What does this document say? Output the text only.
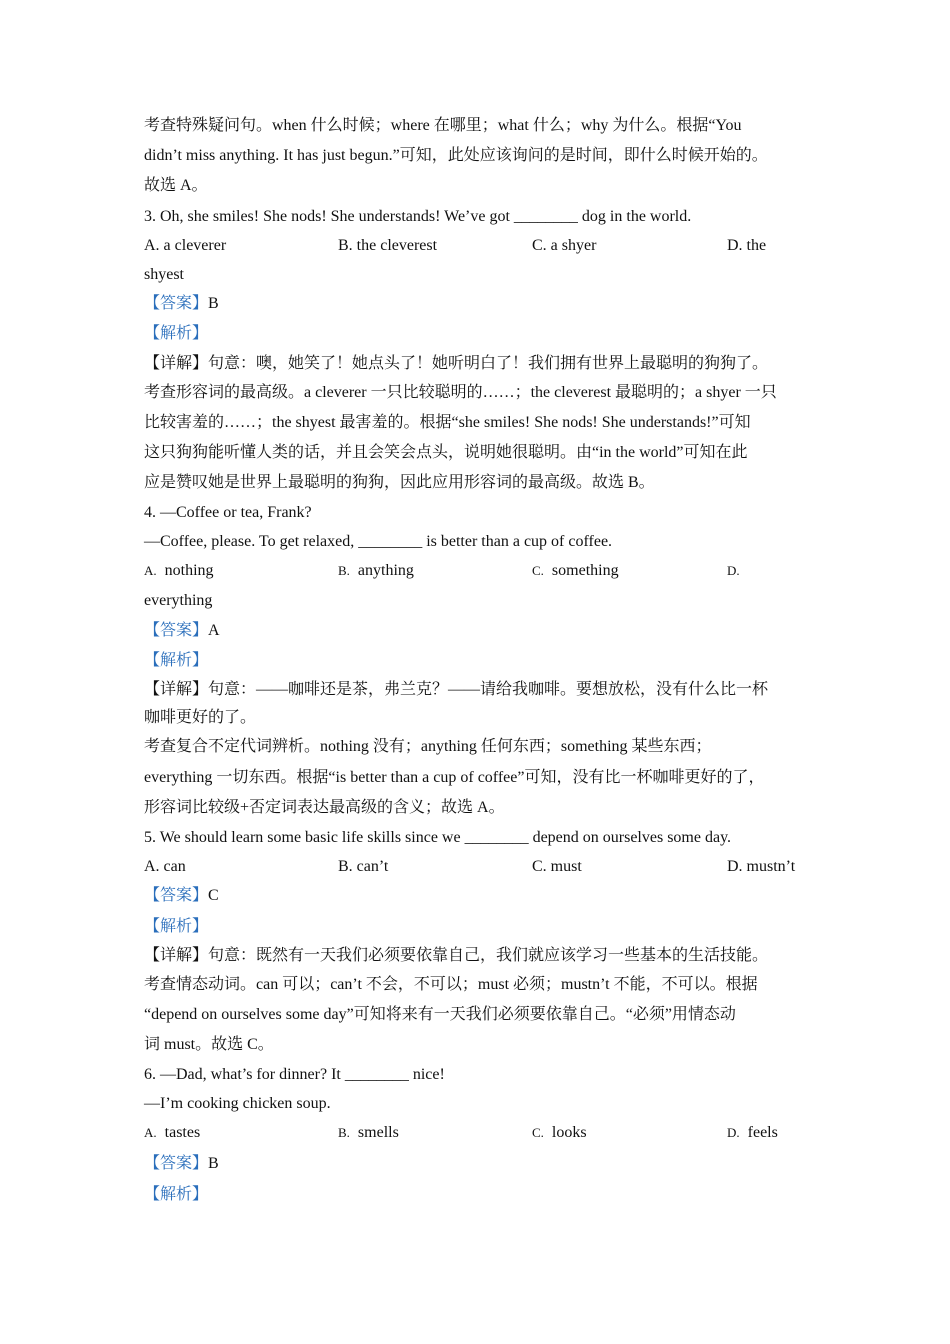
考查特殊疑问句。when 什么时候；where 在哪里；what 什么；why 为什么。根据“You
didn’t miss anything. It has just begun.”可知，此处应该询问的是时间，即什么时候开始的。
故选 A。
3. Oh, she smiles! She nods! She understands! We’ve got ________ dog in the world.
A. a cleverer	B. the cleverest	C. a shyer	D. the
shyest
【答案】B
【解析】
【详解】句意：噢，她笑了！她点头了！她听明白了！我们拥有世界上最聪明的狗狗了。
考查形容词的最高级。a cleverer 一只比较聪明的……；the cleverest 最聪明的；a shyer 一只
比较害羞的……；the shyest 最害羞的。根据“she smiles! She nods! She understands!”可知
这只狗狗能听懂人类的话，并且会笑会点头，说明她很聪明。由“in the world”可知在此
应是赞叹她是世界上最聪明的狗狗，因此应用形容词的最高级。故选 B。
4. —Coffee or tea, Frank?
—Coffee, please. To get relaxed, ________ is better than a cup of coffee.
A. nothing	B. anything	C. something	D.
everything
【答案】A
【解析】
【详解】句意：——咖啡还是茶，弗兰克？——请给我咖啡。要想放松，没有什么比一杯
咖啡更好的了。
考查复合不定代词辨析。nothing 没有；anything 任何东西；something 某些东西；
everything 一切东西。根据“is better than a cup of coffee”可知，没有比一杯咖啡更好的了，
形容词比较级+否定词表达最高级的含义；故选 A。
5. We should learn some basic life skills since we ________ depend on ourselves some day.
A. can	B. can’t	C. must	D. mustn’t
【答案】C
【解析】
【详解】句意：既然有一天我们必须要依靠自己，我们就应该学习一些基本的生活技能。
考查情态动词。can 可以；can’t 不会，不可以；must 必须；mustn’t 不能，不可以。根据
“depend on ourselves some day”可知将来有一天我们必须要依靠自己。“必须”用情态动
词 must。故选 C。
6. —Dad, what’s for dinner? It ________ nice!
—I’m cooking chicken soup.
A. tastes	B. smells	C. looks	D. feels
【答案】B
【解析】
